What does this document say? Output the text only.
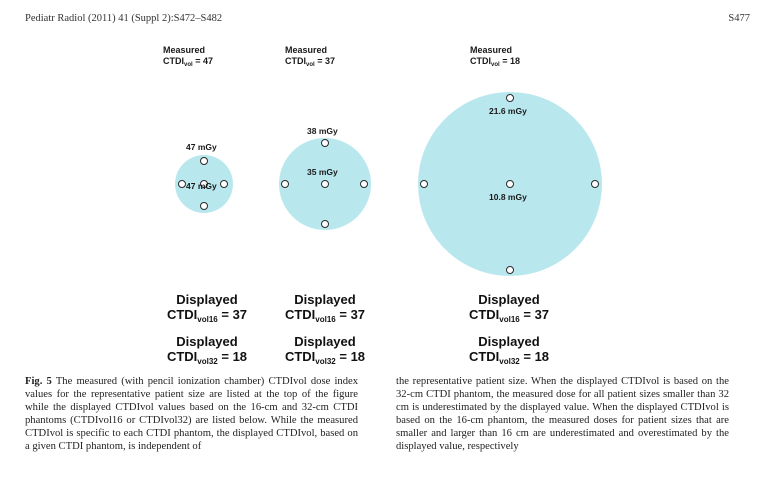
Pediatr Radiol (2011) 41 (Suppl 2):S472–S482	S477
Measured
$CTDI_{vol} = 47$
Measured
$CTDI_{vol} = 37$
Measured
$CTDI_{vol} = 18$
47 mGy
47 mGy
38 mGy
35 mGy
21.6 mGy
10.8 mGy
Displayed
$CTDI_{vol16} = 37$
Displayed
$CTDI_{vol32} = 18$
Displayed
$CTDI_{vol16} = 37$
Displayed
$CTDI_{vol32} = 18$
Displayed
$CTDI_{vol16} = 37$
Displayed
$CTDI_{vol32} = 18$
Fig. 5 The measured (with pencil ionization chamber) CTDIvol dose index values for the representative patient size are listed at the top of the figure while the displayed CTDIvol values based on the 16-cm and 32-cm CTDI phantoms (CTDIvol16 or CTDIvol32) are listed below. While the measured CTDIvol is specific to each CTDI phantom, the displayed CTDIvol, based on a given CTDI phantom, is independent of
the representative patient size. When the displayed CTDIvol is based on the 32-cm CTDI phantom, the measured dose for all patient sizes smaller than 32 cm is underestimated by the displayed value. When the displayed CTDIvol is based on the 16-cm phantom, the measured doses for patient sizes that are smaller and larger than 16 cm are underestimated and overestimated by the displayed value, respectively
